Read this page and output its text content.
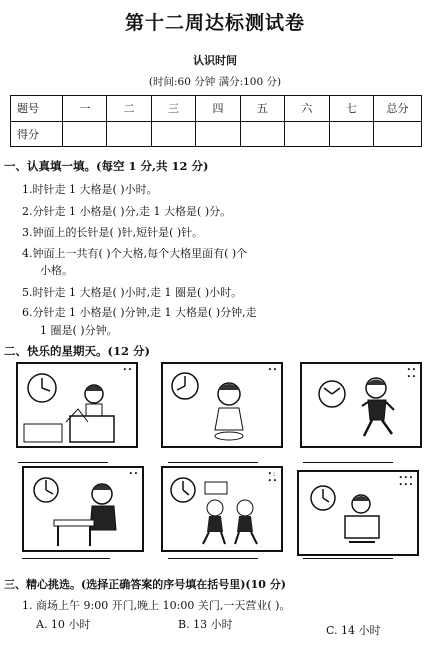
第十二周达标测试卷
认识时间
(时间:60 分钟 满分:100 分)
题号	一	二	三	四	五	六	七	总分
得分								
一、认真填一填。(每空 1 分,共 12 分)
1.时针走 1 大格是( )小时。
2.分针走 1 小格是( )分,走 1 大格是( )分。
3.钟面上的长针是( )针,短针是( )针。
4.钟面上一共有( )个大格,每个大格里面有( )个
小格。
5.时针走 1 大格是( )小时,走 1 圈是( )小时。
6.分针走 1 小格是( )分钟,走 1 大格是( )分钟,走
1 圈是( )分钟。
二、快乐的星期天。(12 分)
••	••	••
••
••	•:
••	•••
•••
三、精心挑选。(选择正确答案的序号填在括号里)(10 分)
1. 商场上午 9:00 开门,晚上 10:00 关门,一天营业( )。
A. 10 小时	B. 13 小时	C. 14 小时
